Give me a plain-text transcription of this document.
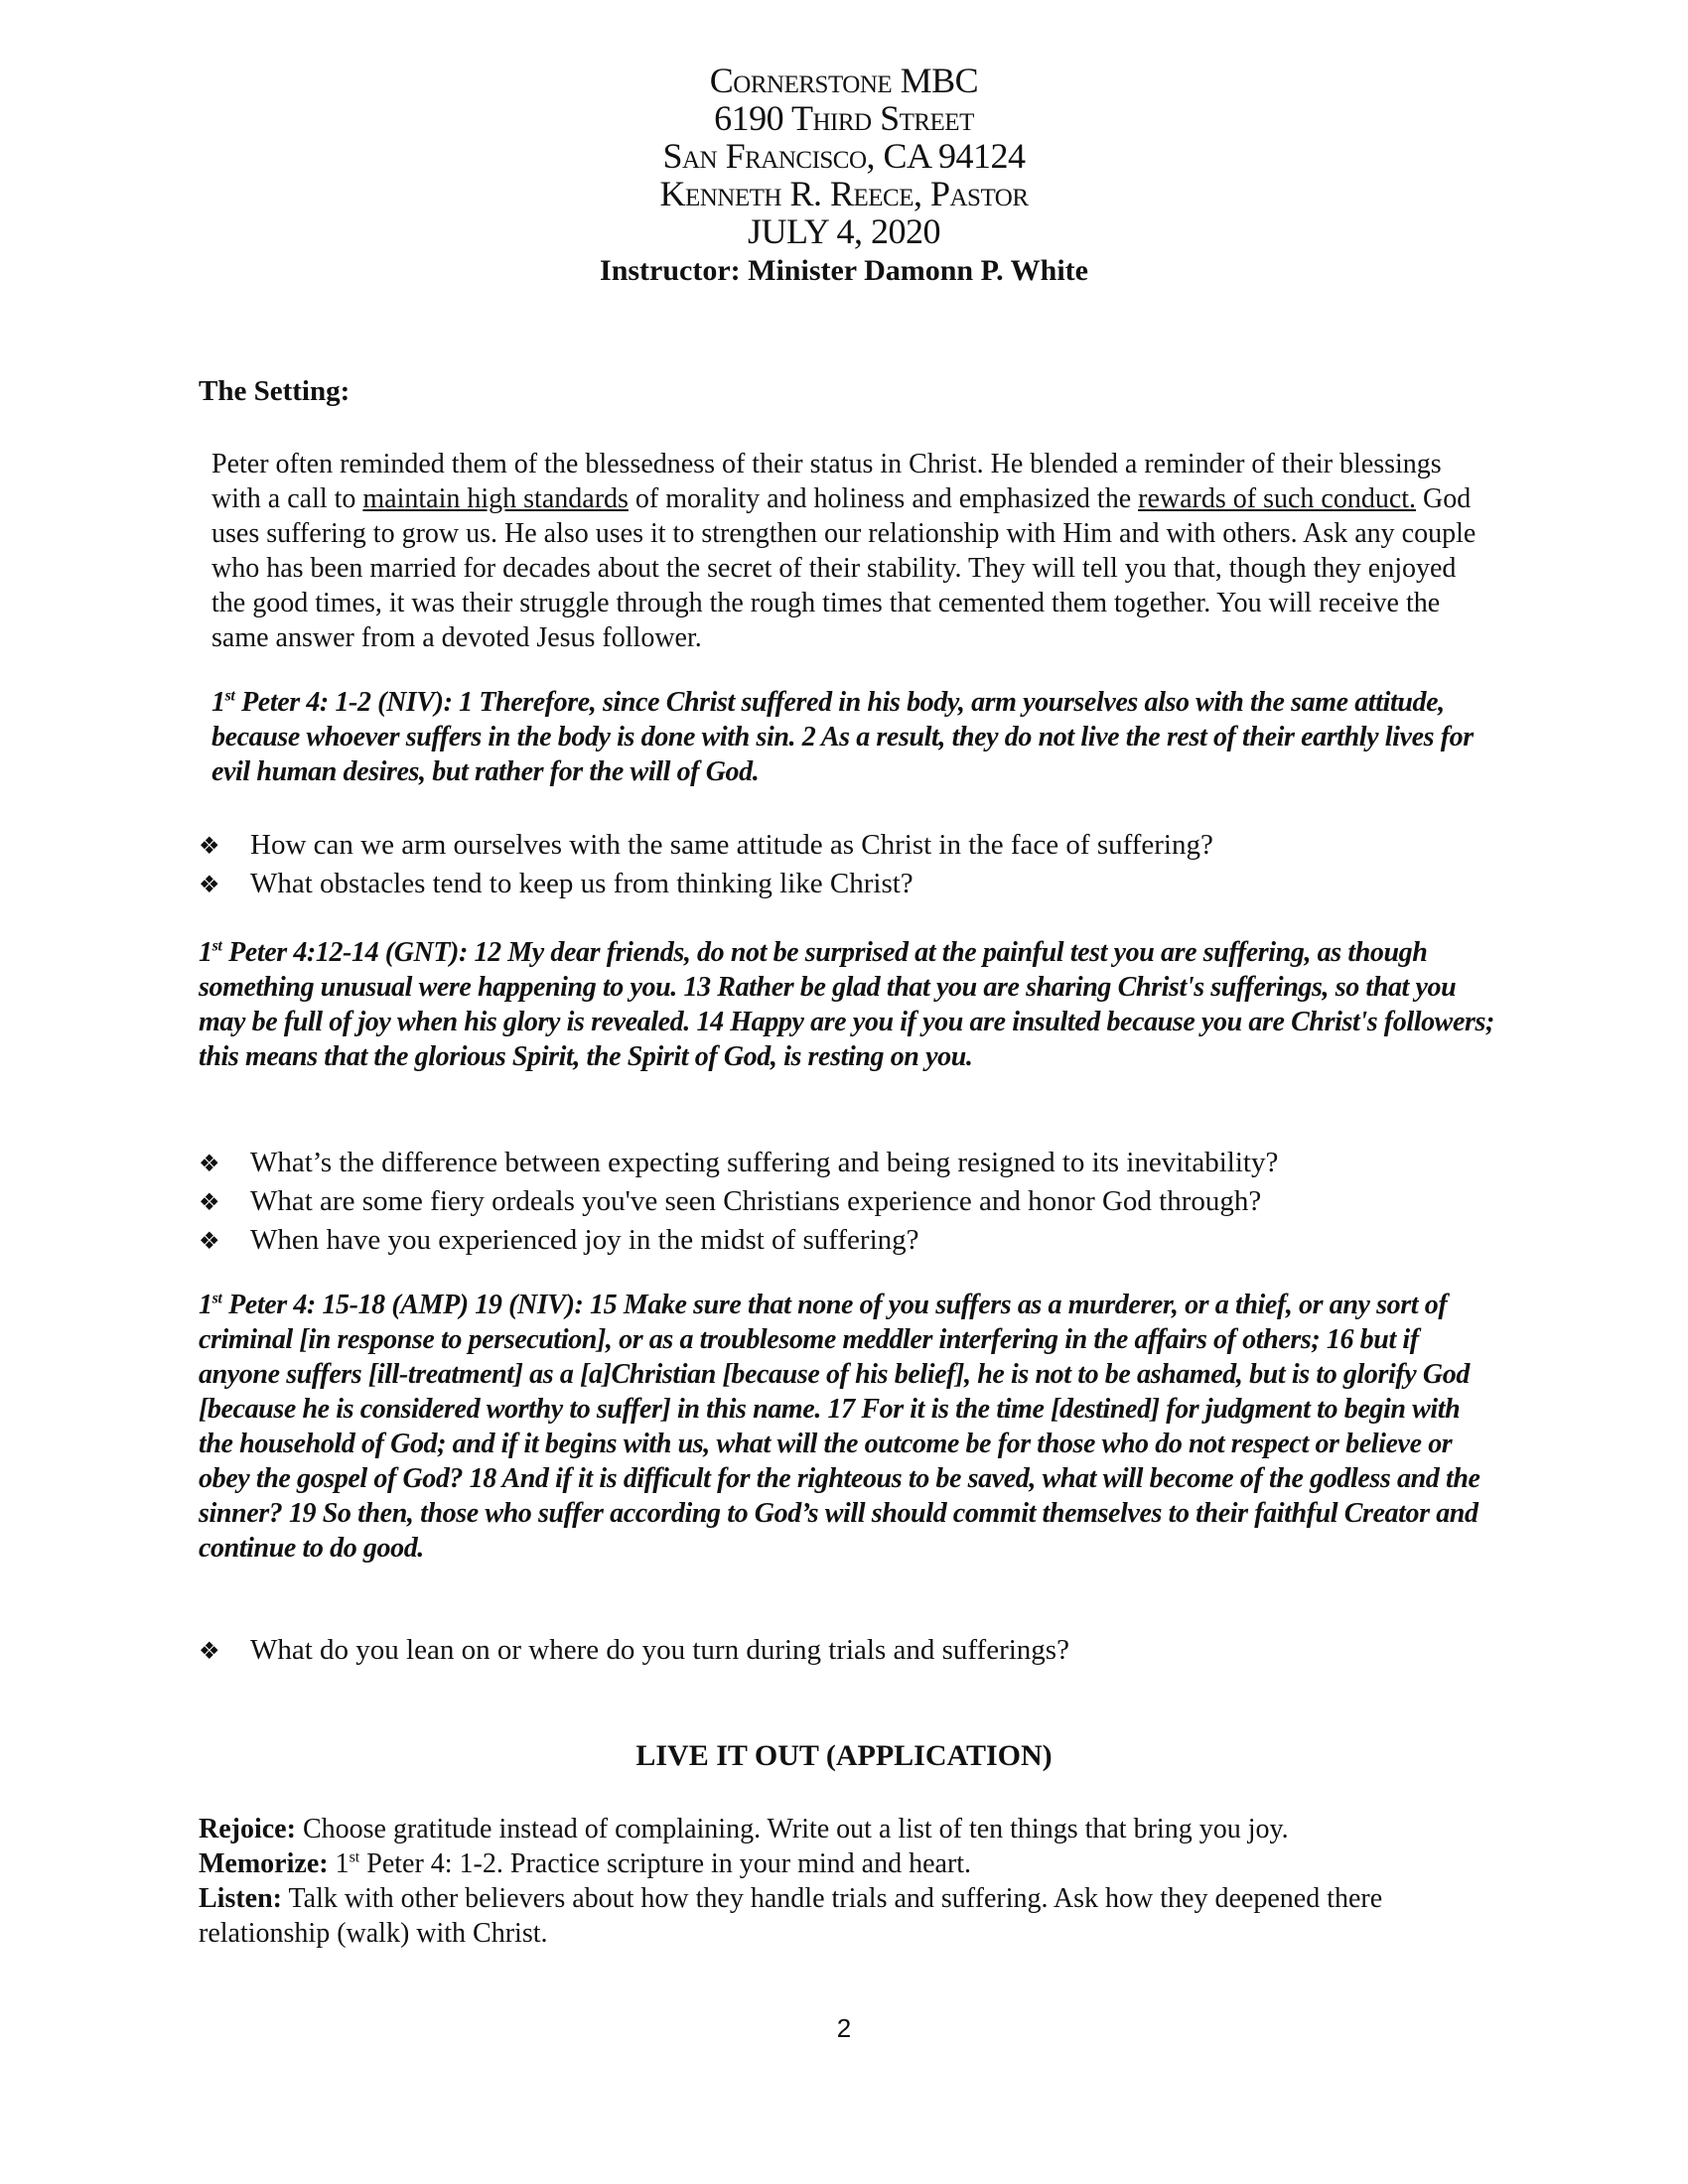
Cornerstone MBC
6190 Third Street
San Francisco, CA 94124
Kenneth R. Reece, Pastor
JULY 4, 2020
Instructor: Minister Damonn P. White
The Setting:
Peter often reminded them of the blessedness of their status in Christ. He blended a reminder of their blessings with a call to maintain high standards of morality and holiness and emphasized the rewards of such conduct. God uses suffering to grow us. He also uses it to strengthen our relationship with Him and with others. Ask any couple who has been married for decades about the secret of their stability. They will tell you that, though they enjoyed the good times, it was their struggle through the rough times that cemented them together. You will receive the same answer from a devoted Jesus follower.
1st Peter 4: 1-2 (NIV): 1 Therefore, since Christ suffered in his body, arm yourselves also with the same attitude, because whoever suffers in the body is done with sin. 2 As a result, they do not live the rest of their earthly lives for evil human desires, but rather for the will of God.
❖	How can we arm ourselves with the same attitude as Christ in the face of suffering?
❖	What obstacles tend to keep us from thinking like Christ?
1st Peter 4:12-14 (GNT): 12 My dear friends, do not be surprised at the painful test you are suffering, as though something unusual were happening to you. 13 Rather be glad that you are sharing Christ's sufferings, so that you may be full of joy when his glory is revealed. 14 Happy are you if you are insulted because you are Christ's followers; this means that the glorious Spirit, the Spirit of God, is resting on you.
❖	What’s the difference between expecting suffering and being resigned to its inevitability?
❖	What are some fiery ordeals you've seen Christians experience and honor God through?
❖	When have you experienced joy in the midst of suffering?
1st Peter 4: 15-18 (AMP) 19 (NIV): 15 Make sure that none of you suffers as a murderer, or a thief, or any sort of criminal [in response to persecution], or as a troublesome meddler interfering in the affairs of others; 16 but if anyone suffers [ill-treatment] as a [a]Christian [because of his belief], he is not to be ashamed, but is to glorify God [because he is considered worthy to suffer] in this name. 17 For it is the time [destined] for judgment to begin with the household of God; and if it begins with us, what will the outcome be for those who do not respect or believe or obey the gospel of God? 18 And if it is difficult for the righteous to be saved, what will become of the godless and the sinner? 19 So then, those who suffer according to God’s will should commit themselves to their faithful Creator and continue to do good.
❖	What do you lean on or where do you turn during trials and sufferings?
LIVE IT OUT (APPLICATION)
Rejoice: Choose gratitude instead of complaining. Write out a list of ten things that bring you joy.
Memorize: 1st Peter 4: 1-2. Practice scripture in your mind and heart.
Listen: Talk with other believers about how they handle trials and suffering. Ask how they deepened there relationship (walk) with Christ.
2
